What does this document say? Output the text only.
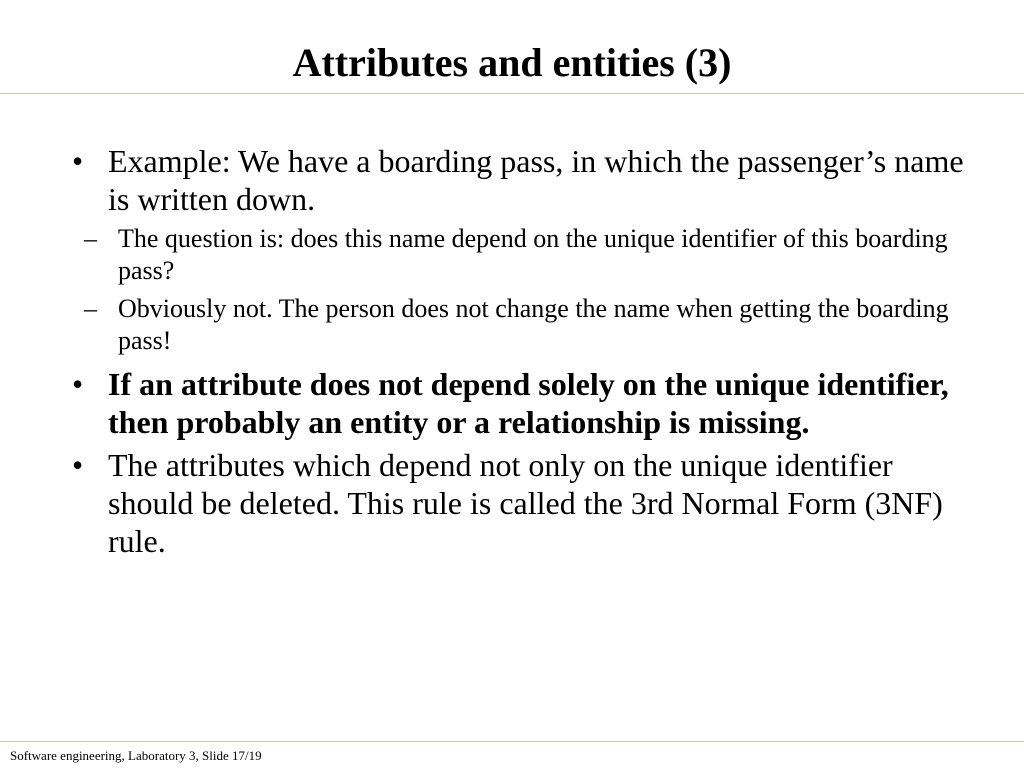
Attributes and entities (3)
• Example: We have a boarding pass, in which the passenger’s name is written down.
– The question is: does this name depend on the unique identifier of this boarding pass?
– Obviously not. The person does not change the name when getting the boarding pass!
• If an attribute does not depend solely on the unique identifier, then probably an entity or a relationship is missing.
• The attributes which depend not only on the unique identifier should be deleted. This rule is called the 3rd Normal Form (3NF) rule.
Software engineering, Laboratory 3, Slide 17/19
